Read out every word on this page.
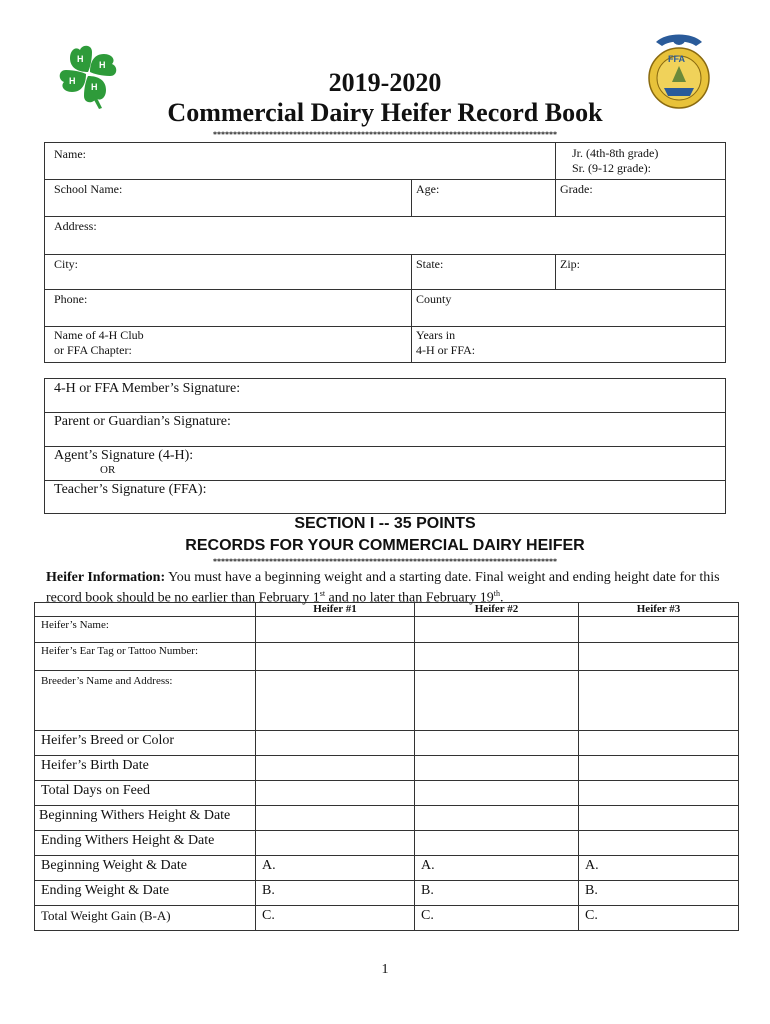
H
H
H
H
FFA
2019-2020
Commercial Dairy Heifer Record Book
**************************************************************************************
Name:	Jr. (4th-8th grade)
Sr. (9-12 grade):
School Name:	Age:	Grade:
Address:
City:	State:	Zip:
Phone:	County
Name of 4-H Club
or FFA Chapter:
Years in
4-H or FFA:
4-H or FFA Member’s Signature:
Parent or Guardian’s Signature:
Agent’s Signature (4-H):
OR
Teacher’s Signature (FFA):
SECTION I -- 35 POINTS
RECORDS FOR YOUR COMMERCIAL DAIRY HEIFER
**************************************************************************************
Heifer Information: You must have a beginning weight and a starting date. Final weight and ending height date for this record book should be no earlier than February 1st and no later than February 19th.
	Heifer #1	Heifer #2	Heifer #3
Heifer’s Name:			
Heifer’s Ear Tag or Tattoo Number:			
Breeder’s Name and Address:			
Heifer’s Breed or Color			
Heifer’s Birth Date			
Total Days on Feed			
Beginning Withers Height & Date			
Ending Withers Height & Date			
Beginning Weight & Date	A.	A.	A.
Ending Weight & Date	B.	B.	B.
Total Weight Gain (B-A)	C.	C.	C.
1
